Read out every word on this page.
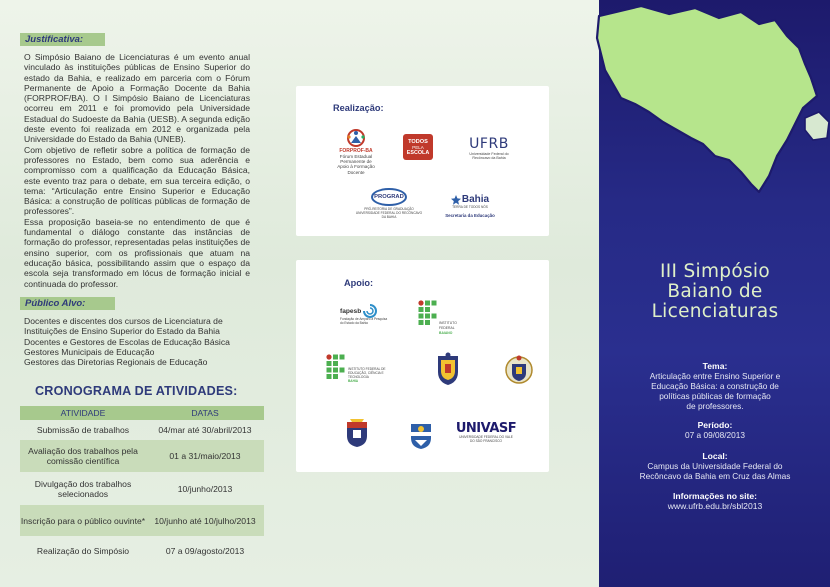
Justificativa:

O Simpósio Baiano de Licenciaturas é um evento anual vinculado às instituições públicas de Ensino Superior do estado da Bahia, e realizado em parceria com o Fórum Permanente de Apoio a Formação Docente da Bahia (FORPROF/BA). O I Simpósio Baiano de Licenciaturas ocorreu em 2011 e foi promovido pela Universidade Estadual do Sudoeste da Bahia (UESB). A segunda edição deste evento foi realizada em 2012 e organizada pela Universidade do Estado da Bahia (UNEB).

Com objetivo de refletir sobre a política de formação de professores no Estado, bem como sua aderência e compromisso com a qualificação da Educação Básica, este evento traz para o debate, em sua terceira edição, o tema: “Articulação entre Ensino Superior e Educação Básica: a construção de políticas públicas de formação de professores”.

Essa proposição baseia-se no entendimento de que é fundamental o diálogo constante das instâncias de formação do professor, representadas pelas instituições de ensino superior, com os profissionais que atuam na educação básica, possibilitando assim que o espaço da escola seja transformado em lócus de formação inicial e continuada do professor.

Público Alvo:
Docentes e discentes dos cursos de Licenciatura de Instituições de Ensino Superior do Estado da Bahia
Docentes e Gestores de Escolas de Educação Básica
Gestores Municipais de Educação
Gestores das Diretorias Regionais de Educação
CRONOGRAMA DE ATIVIDADES:
ATIVIDADE	DATAS
Submissão de trabalhos	04/mar até 30/abril/2013
Avaliação dos trabalhos pela comissão científica	01 a 31/maio/2013
Divulgação dos trabalhos selecionados	10/junho/2013
Inscrição para o público ouvinte*	10/junho até 10/julho/2013
Realização do Simpósio	07 a 09/agosto/2013
Realização:
FORPROF-BA
Fórum Estadual Permanente de Apoio à Formação Docente
TODOS
PELA
ESCOLA
UFRB
Universidade Federal do Recôncavo da Bahia
PROGRAD
PRÓ-REITORIA DE GRADUAÇÃO UNIVERSIDADE FEDERAL DO RECÔNCAVO DA BAHIA
Bahia
TERRA DE TODOS NÓS
Secretaria da Educação
Apoio:
fapesb
Fundação de Amparo à Pesquisa do Estado da Bahia	INSTITUTO FEDERAL
BAIANO
INSTITUTO FEDERAL DE EDUCAÇÃO, CIÊNCIA E TECNOLOGIA
BAHIA
UNIVASF
UNIVERSIDADE FEDERAL DO VALE DO SÃO FRANCISCO
III Simpósio
Baiano de
Licenciaturas
Tema:
Articulação entre Ensino Superior e
Educação Básica: a construção de
políticas públicas de formação
de professores.
Período:
07 a 09/08/2013
Local:
Campus da Universidade Federal do
Recôncavo da Bahia em Cruz das Almas
Informações no site:
www.ufrb.edu.br/sbl2013
